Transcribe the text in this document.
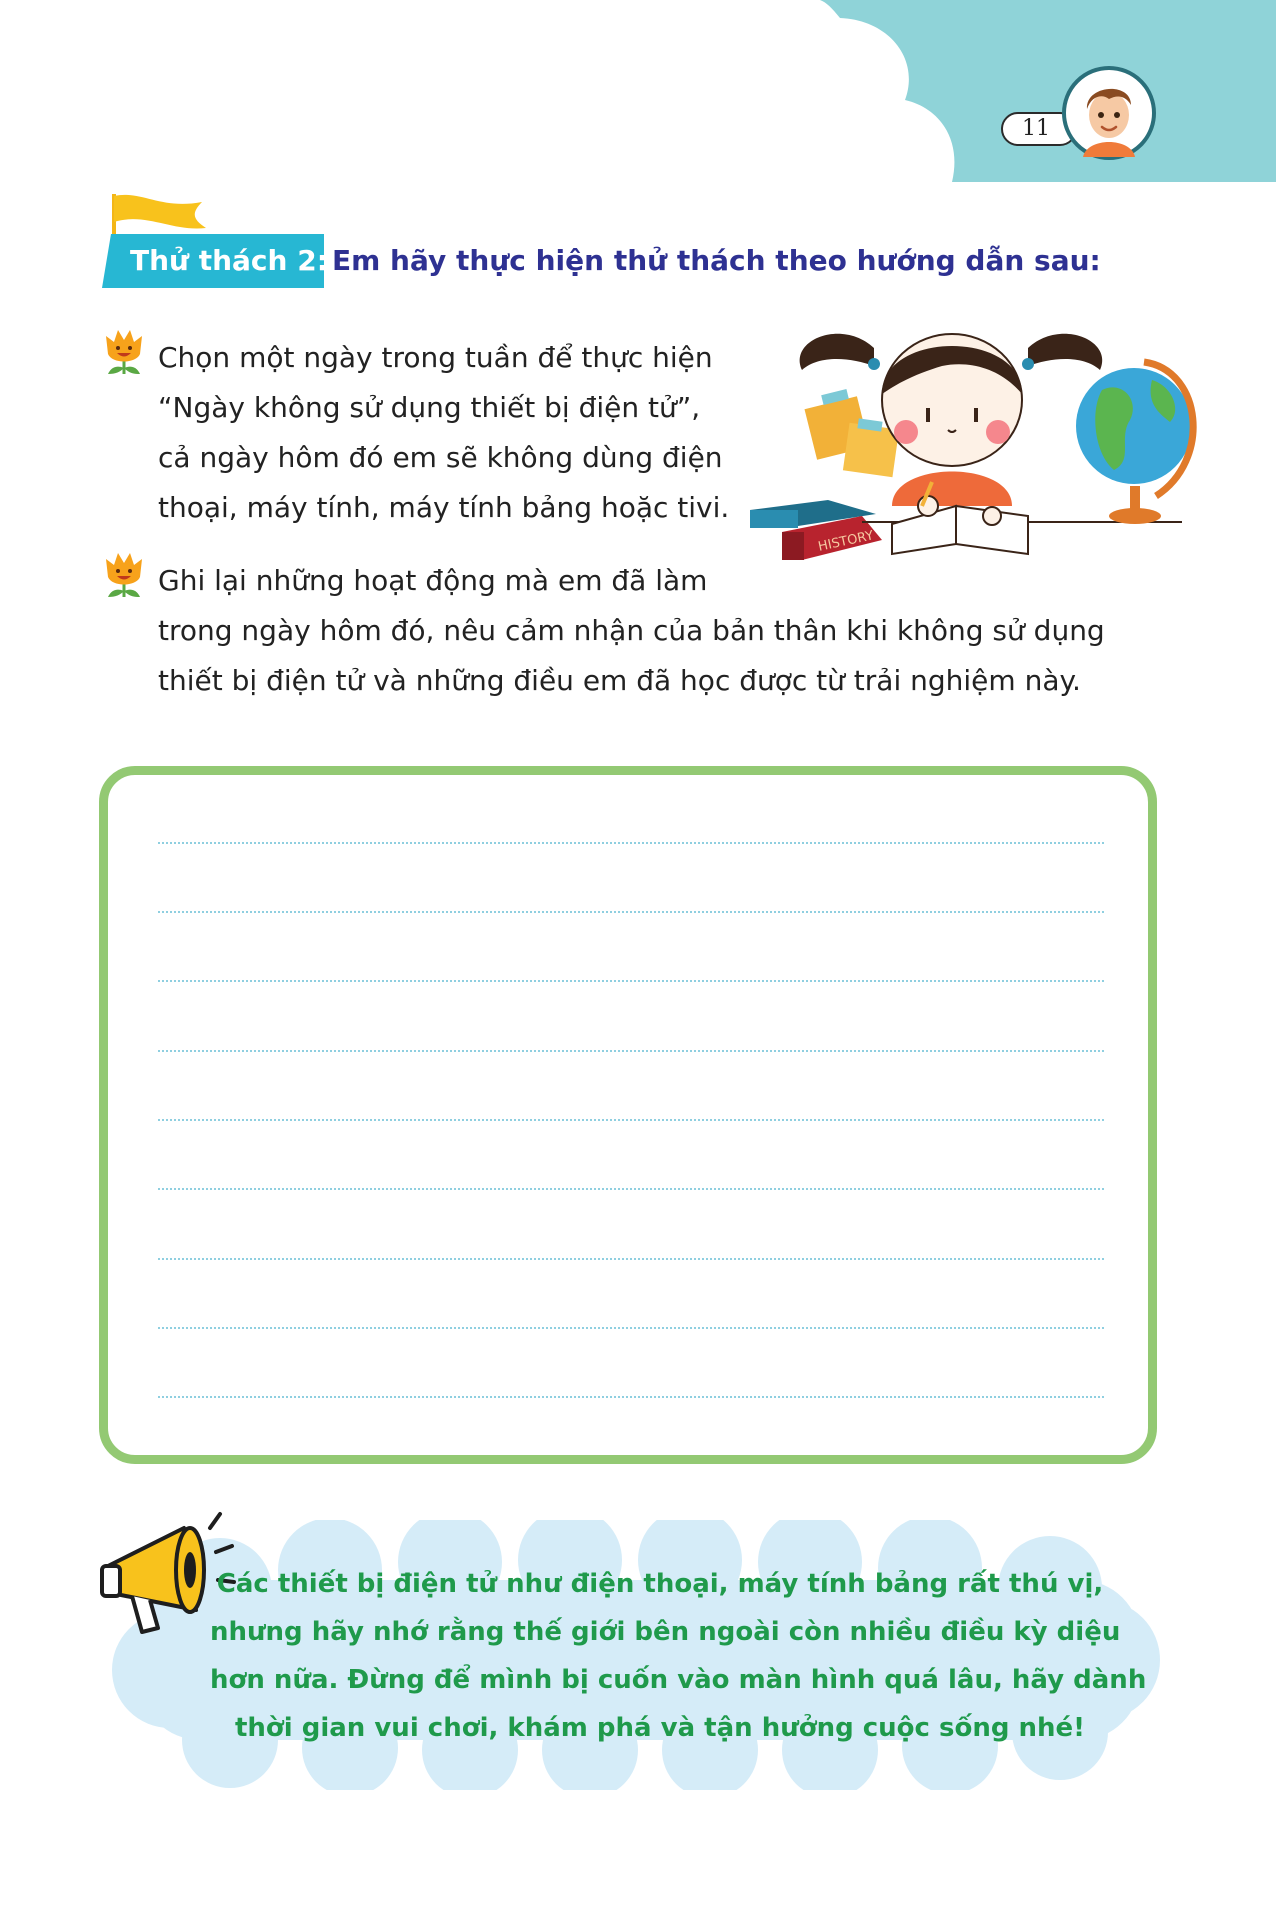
11
Thử thách 2: Em hãy thực hiện thử thách theo hướng dẫn sau:
Chọn một ngày trong tuần để thực hiện
“Ngày không sử dụng thiết bị điện tử”,
cả ngày hôm đó em sẽ không dùng điện
thoại, máy tính, máy tính bảng hoặc tivi.
HISTORY
Ghi lại những hoạt động mà em đã làm
trong ngày hôm đó, nêu cảm nhận của bản thân khi không sử dụng
thiết bị điện tử và những điều em đã học được từ trải nghiệm này.
Các thiết bị điện tử như điện thoại, máy tính bảng rất thú vị,
nhưng hãy nhớ rằng thế giới bên ngoài còn nhiều điều kỳ diệu
hơn nữa. Đừng để mình bị cuốn vào màn hình quá lâu, hãy dành
thời gian vui chơi, khám phá và tận hưởng cuộc sống nhé!
